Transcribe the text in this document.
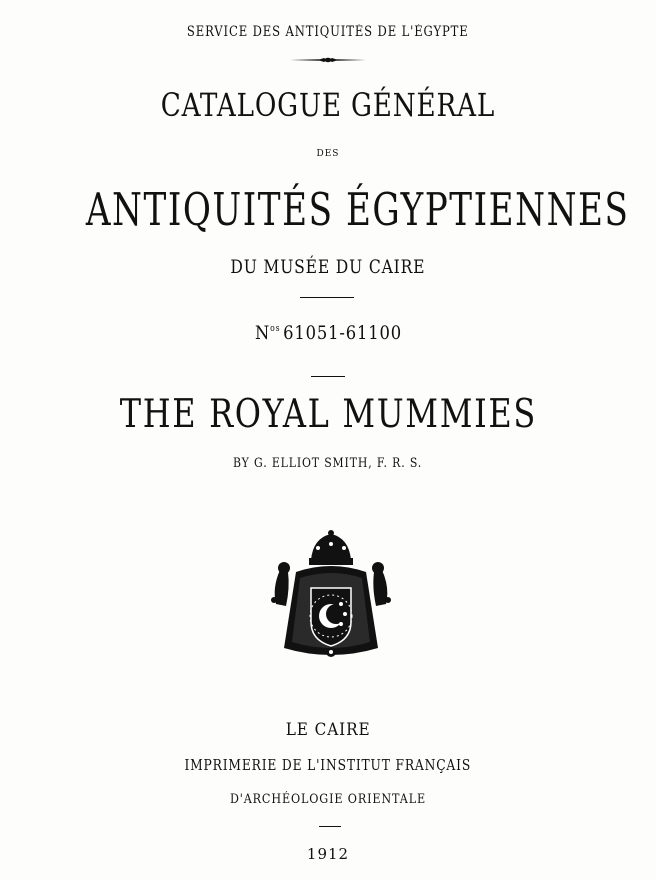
SERVICE DES ANTIQUITÉS DE L'ÉGYPTE
CATALOGUE GÉNÉRAL
DES
ANTIQUITÉS ÉGYPTIENNES
DU MUSÉE DU CAIRE
$N^{os}$ 61051-61100
THE ROYAL MUMMIES
BY G. ELLIOT SMITH, F. R. S.
LE CAIRE
IMPRIMERIE DE L'INSTITUT FRANÇAIS
D'ARCHÉOLOGIE ORIENTALE
1912
